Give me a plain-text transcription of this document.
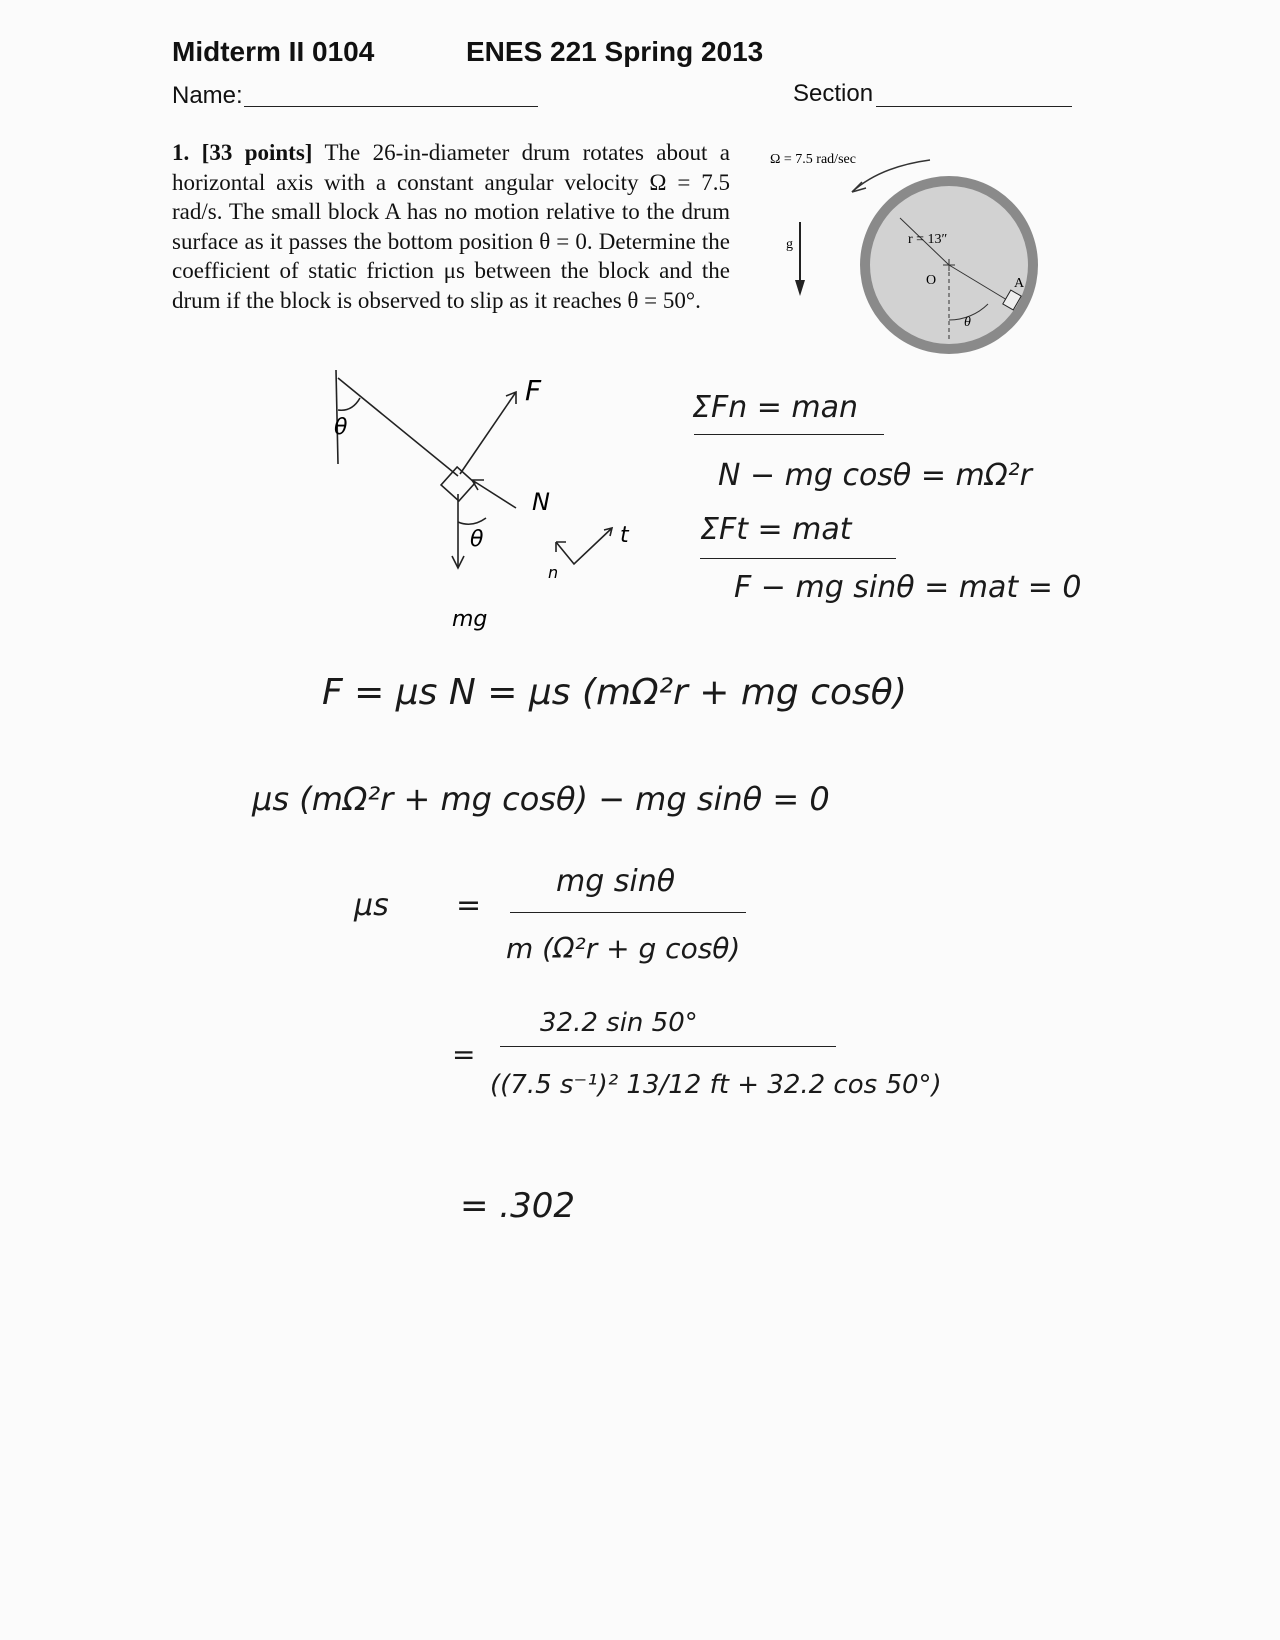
Midterm II 0104	ENES 221 Spring 2013
Name:	Section
1. [33 points] The 26-in-diameter drum rotates about a horizontal axis with a constant angular velocity Ω = 7.5 rad/s. The small block A has no motion relative to the drum surface as it passes the bottom position θ = 0. Determine the coefficient of static friction μs between the block and the drum if the block is observed to slip as it reaches θ = 50°.
Ω = 7.5 rad/sec
g	r = 13″
O
θ
A
θ
F
N
θ
mg
t
n
ΣFn = man
N − mg cosθ = mΩ²r
ΣFt = mat
F − mg sinθ = mat = 0
F = μs N = μs (mΩ²r + mg cosθ)
μs (mΩ²r + mg cosθ) − mg sinθ = 0
μs =
mg sinθ
m (Ω²r + g cosθ)
=
32.2 sin 50°
((7.5 s⁻¹)² 13/12 ft + 32.2 cos 50°)
= .302
